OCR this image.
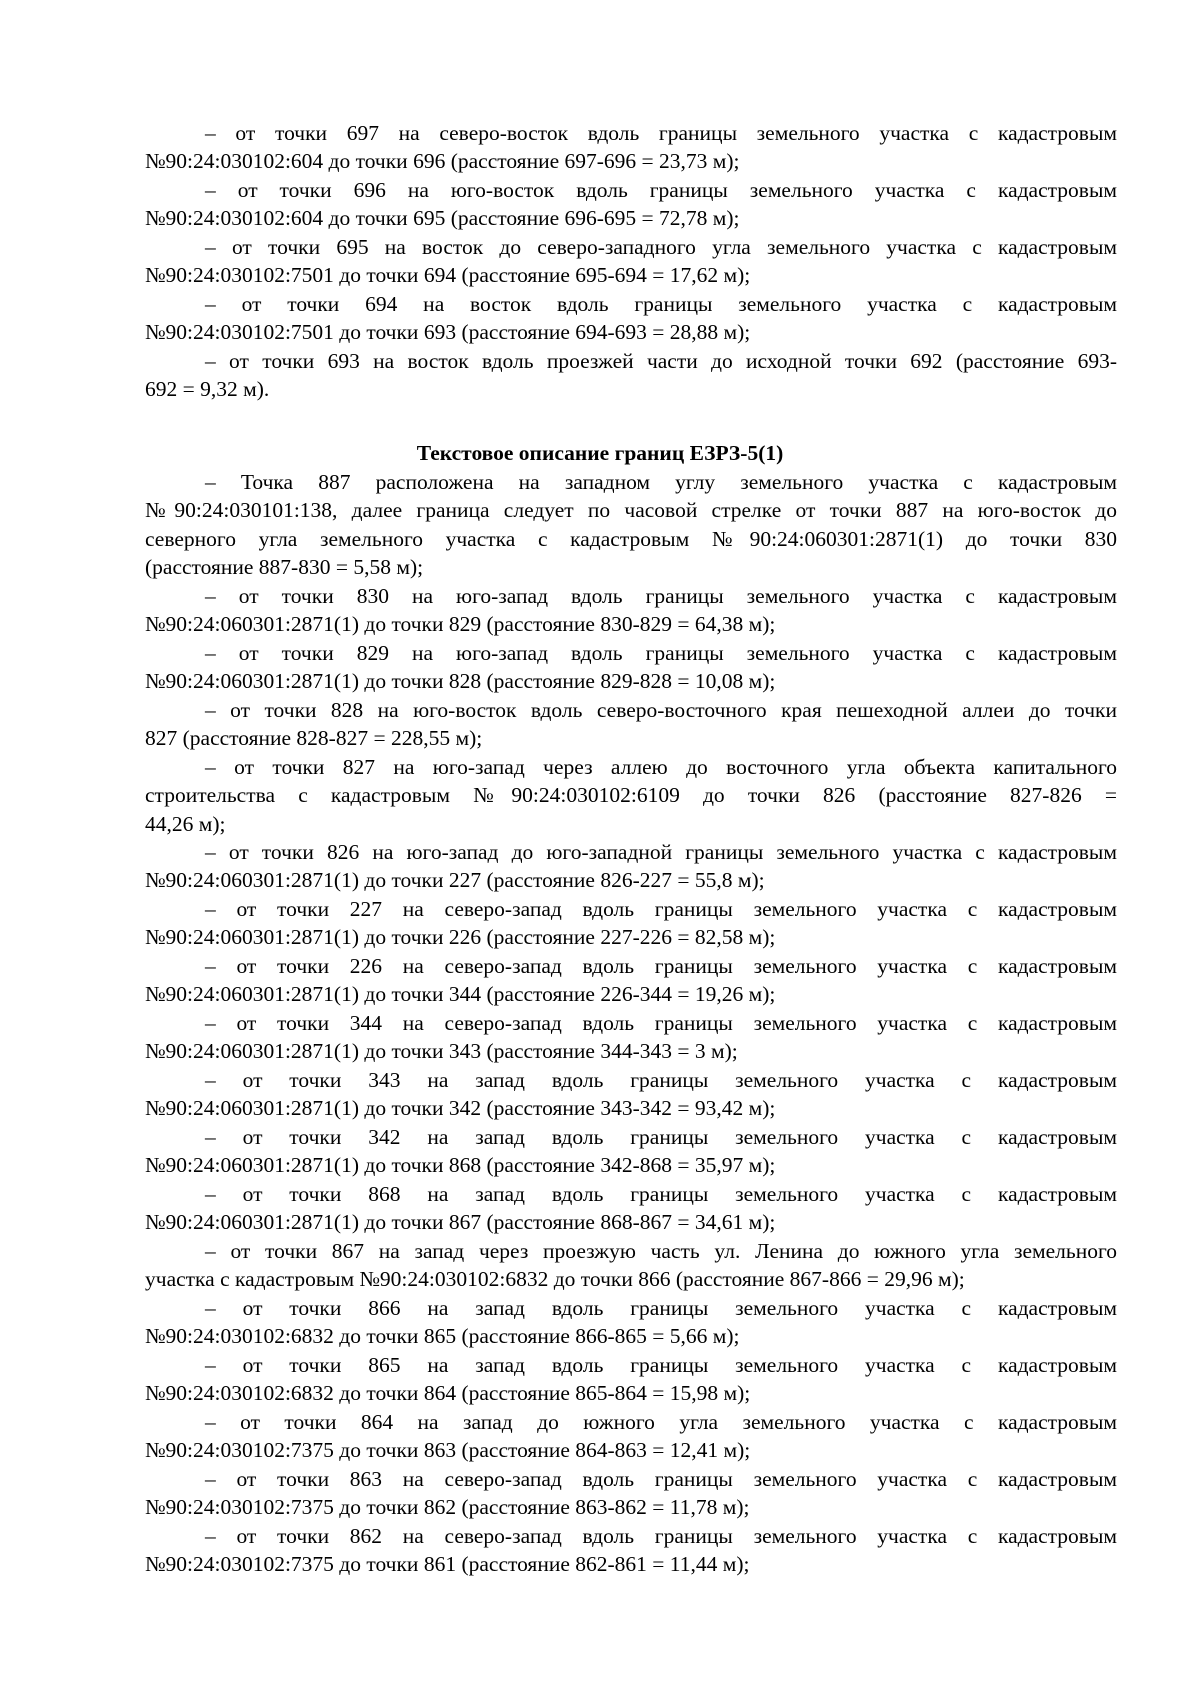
Текстовое описание границ ЕЗРЗ-5(1)
– от точки 697 на северо-восток вдоль границы земельного участка с кадастровым
№90:24:030102:604 до точки 696 (расстояние 697-696 = 23,73 м);
– от точки 696 на юго-восток вдоль границы земельного участка с кадастровым
№90:24:030102:604 до точки 695 (расстояние 696-695 = 72,78 м);
– от точки 695 на восток до северо-западного угла земельного участка с кадастровым
№90:24:030102:7501 до точки 694 (расстояние 695-694 = 17,62 м);
– от точки 694 на восток вдоль границы земельного участка с кадастровым
№90:24:030102:7501 до точки 693 (расстояние 694-693 = 28,88 м);
– от точки 693 на восток вдоль проезжей части до исходной точки 692 (расстояние 693-
692 = 9,32 м).
– Точка 887 расположена на западном углу земельного участка с кадастровым
№90:24:030101:138, далее граница следует по часовой стрелке от точки 887 на юго-восток до
северного угла земельного участка с кадастровым №90:24:060301:2871(1) до точки 830
(расстояние 887-830 = 5,58 м);
– от точки 830 на юго-запад вдоль границы земельного участка с кадастровым
№90:24:060301:2871(1) до точки 829 (расстояние 830-829 = 64,38 м);
– от точки 829 на юго-запад вдоль границы земельного участка с кадастровым
№90:24:060301:2871(1) до точки 828 (расстояние 829-828 = 10,08 м);
– от точки 828 на юго-восток вдоль северо-восточного края пешеходной аллеи до точки
827 (расстояние 828-827 = 228,55 м);
– от точки 827 на юго-запад через аллею до восточного угла объекта капитального
строительства с кадастровым №90:24:030102:6109 до точки 826 (расстояние 827-826 =
44,26 м);
– от точки 826 на юго-запад до юго-западной границы земельного участка с кадастровым
№90:24:060301:2871(1) до точки 227 (расстояние 826-227 = 55,8 м);
– от точки 227 на северо-запад вдоль границы земельного участка с кадастровым
№90:24:060301:2871(1) до точки 226 (расстояние 227-226 = 82,58 м);
– от точки 226 на северо-запад вдоль границы земельного участка с кадастровым
№90:24:060301:2871(1) до точки 344 (расстояние 226-344 = 19,26 м);
– от точки 344 на северо-запад вдоль границы земельного участка с кадастровым
№90:24:060301:2871(1) до точки 343 (расстояние 344-343 = 3 м);
– от точки 343 на запад вдоль границы земельного участка с кадастровым
№90:24:060301:2871(1) до точки 342 (расстояние 343-342 = 93,42 м);
– от точки 342 на запад вдоль границы земельного участка с кадастровым
№90:24:060301:2871(1) до точки 868 (расстояние 342-868 = 35,97 м);
– от точки 868 на запад вдоль границы земельного участка с кадастровым
№90:24:060301:2871(1) до точки 867 (расстояние 868-867 = 34,61 м);
– от точки 867 на запад через проезжую часть ул. Ленина до южного угла земельного
участка с кадастровым №90:24:030102:6832 до точки 866 (расстояние 867-866 = 29,96 м);
– от точки 866 на запад вдоль границы земельного участка с кадастровым
№90:24:030102:6832 до точки 865 (расстояние 866-865 = 5,66 м);
– от точки 865 на запад вдоль границы земельного участка с кадастровым
№90:24:030102:6832 до точки 864 (расстояние 865-864 = 15,98 м);
– от точки 864 на запад до южного угла земельного участка с кадастровым
№90:24:030102:7375 до точки 863 (расстояние 864-863 = 12,41 м);
– от точки 863 на северо-запад вдоль границы земельного участка с кадастровым
№90:24:030102:7375 до точки 862 (расстояние 863-862 = 11,78 м);
– от точки 862 на северо-запад вдоль границы земельного участка с кадастровым
№90:24:030102:7375 до точки 861 (расстояние 862-861 = 11,44 м);
